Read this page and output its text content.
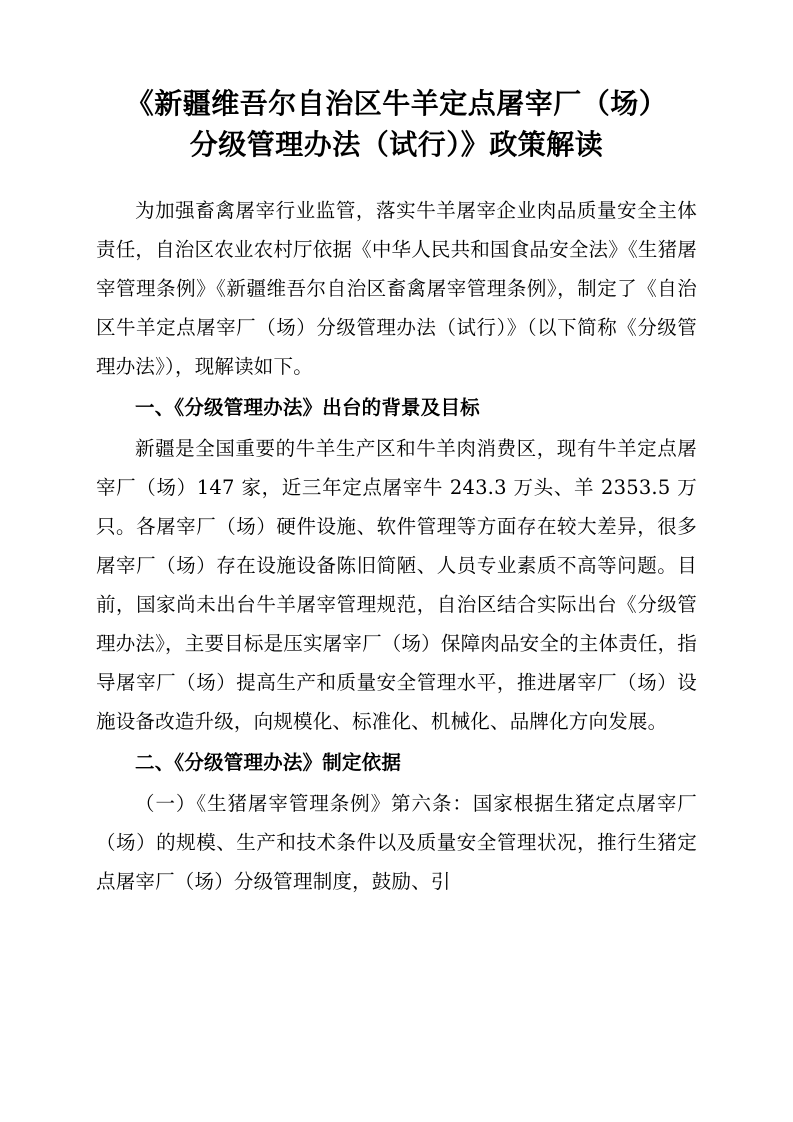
《新疆维吾尔自治区牛羊定点屠宰厂（场）
分级管理办法（试行）》政策解读

为加强畜禽屠宰行业监管，落实牛羊屠宰企业肉品质量安全主体责任，自治区农业农村厅依据《中华人民共和国食品安全法》《生猪屠宰管理条例》《新疆维吾尔自治区畜禽屠宰管理条例》，制定了《自治区牛羊定点屠宰厂（场）分级管理办法（试行）》（以下简称《分级管理办法》），现解读如下。

一、《分级管理办法》出台的背景及目标

新疆是全国重要的牛羊生产区和牛羊肉消费区，现有牛羊定点屠宰厂（场）147 家，近三年定点屠宰牛 243.3 万头、羊 2353.5 万只。各屠宰厂（场）硬件设施、软件管理等方面存在较大差异，很多屠宰厂（场）存在设施设备陈旧简陋、人员专业素质不高等问题。目前，国家尚未出台牛羊屠宰管理规范，自治区结合实际出台《分级管理办法》，主要目标是压实屠宰厂（场）保障肉品安全的主体责任，指导屠宰厂（场）提高生产和质量安全管理水平，推进屠宰厂（场）设施设备改造升级，向规模化、标准化、机械化、品牌化方向发展。

二、《分级管理办法》制定依据

（一）《生猪屠宰管理条例》第六条：国家根据生猪定点屠宰厂（场）的规模、生产和技术条件以及质量安全管理状况，推行生猪定点屠宰厂（场）分级管理制度，鼓励、引
